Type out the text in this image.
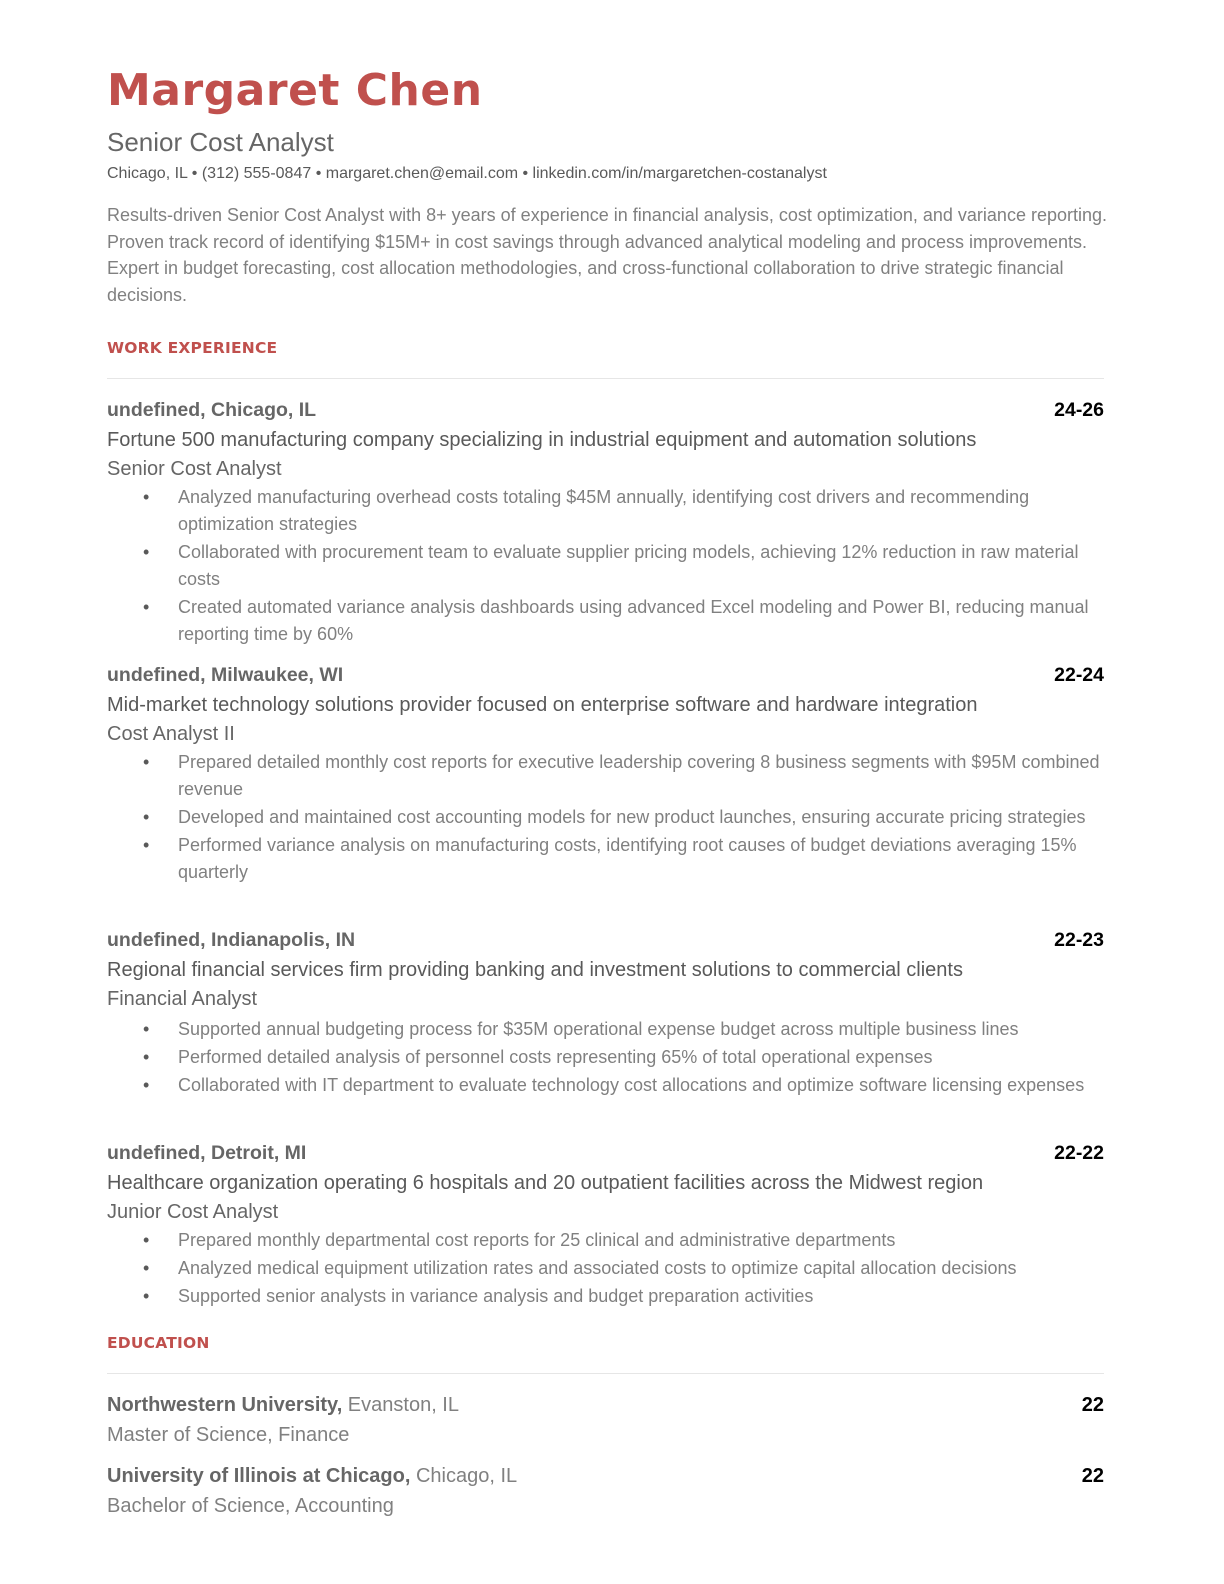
Margaret Chen
Senior Cost Analyst
Chicago, IL • (312) 555-0847 • margaret.chen@email.com • linkedin.com/in/margaretchen-costanalyst

Results-driven Senior Cost Analyst with 8+ years of experience in financial analysis, cost optimization, and variance reporting. Proven track record of identifying $15M+ in cost savings through advanced analytical modeling and process improvements. Expert in budget forecasting, cost allocation methodologies, and cross-functional collaboration to drive strategic financial decisions.

WORK EXPERIENCE
undefined, Chicago, IL	24-26
Fortune 500 manufacturing company specializing in industrial equipment and automation solutions
Senior Cost Analyst
• Analyzed manufacturing overhead costs totaling $45M annually, identifying cost drivers and recommending optimization strategies
• Collaborated with procurement team to evaluate supplier pricing models, achieving 12% reduction in raw material costs
• Created automated variance analysis dashboards using advanced Excel modeling and Power BI, reducing manual reporting time by 60%
undefined, Milwaukee, WI	22-24
Mid-market technology solutions provider focused on enterprise software and hardware integration
Cost Analyst II
• Prepared detailed monthly cost reports for executive leadership covering 8 business segments with $95M combined revenue
• Developed and maintained cost accounting models for new product launches, ensuring accurate pricing strategies
• Performed variance analysis on manufacturing costs, identifying root causes of budget deviations averaging 15% quarterly
undefined, Indianapolis, IN	22-23
Regional financial services firm providing banking and investment solutions to commercial clients
Financial Analyst
• Supported annual budgeting process for $35M operational expense budget across multiple business lines
• Performed detailed analysis of personnel costs representing 65% of total operational expenses
• Collaborated with IT department to evaluate technology cost allocations and optimize software licensing expenses
undefined, Detroit, MI	22-22
Healthcare organization operating 6 hospitals and 20 outpatient facilities across the Midwest region
Junior Cost Analyst
• Prepared monthly departmental cost reports for 25 clinical and administrative departments
• Analyzed medical equipment utilization rates and associated costs to optimize capital allocation decisions
• Supported senior analysts in variance analysis and budget preparation activities
EDUCATION
Northwestern University, Evanston, IL	22
Master of Science, Finance
University of Illinois at Chicago, Chicago, IL	22
Bachelor of Science, Accounting
